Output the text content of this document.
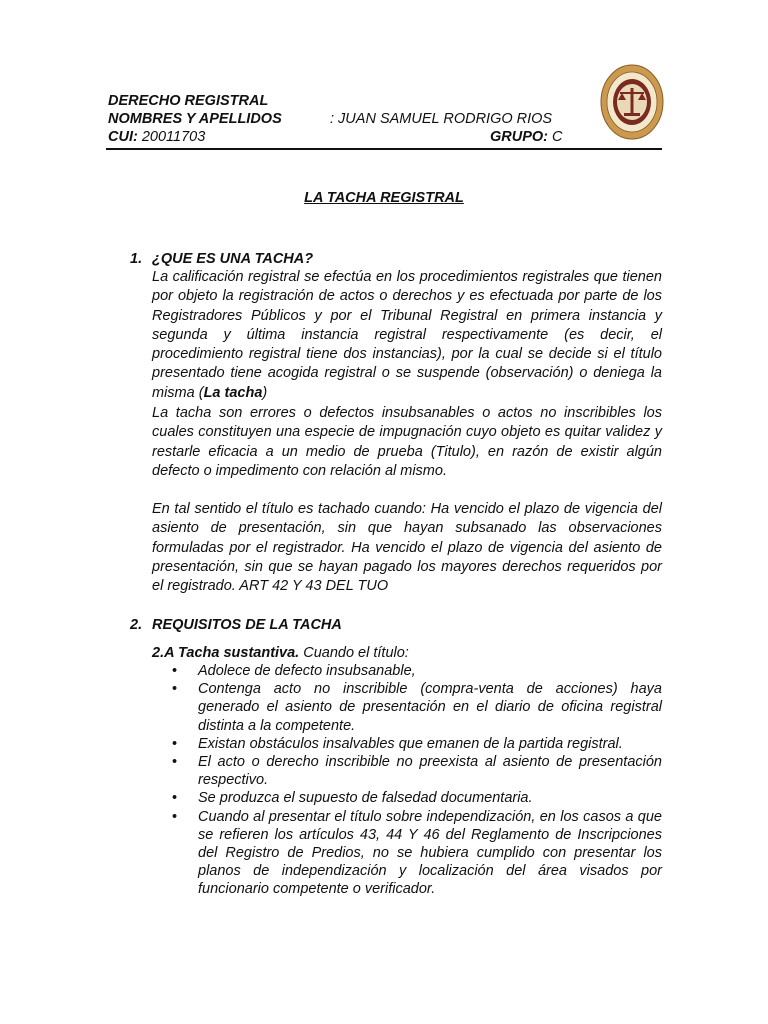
DERECHO REGISTRAL
NOMBRES Y APELLIDOS	: JUAN SAMUEL RODRIGO RIOS
CUI: 20011703	GRUPO: C
LA TACHA REGISTRAL
1. ¿QUE ES UNA TACHA?
La calificación registral se efectúa en los procedimientos registrales que tienen por objeto la registración de actos o derechos y es efectuada por parte de los Registradores Públicos y por el Tribunal Registral en primera instancia y segunda y última instancia registral respectivamente (es decir, el procedimiento registral tiene dos instancias), por la cual se decide si el título presentado tiene acogida registral o se suspende (observación) o deniega la misma (La tacha)
La tacha son errores o defectos insubsanables o actos no inscribibles los cuales constituyen una especie de impugnación cuyo objeto es quitar validez y restarle eficacia a un medio de prueba (Titulo), en razón de existir algún defecto o impedimento con relación al mismo.
En tal sentido el título es tachado cuando: Ha vencido el plazo de vigencia del asiento de presentación, sin que hayan subsanado las observaciones formuladas por el registrador. Ha vencido el plazo de vigencia del asiento de presentación, sin que se hayan pagado los mayores derechos requeridos por el registrado. ART 42 Y 43 DEL TUO
2. REQUISITOS DE LA TACHA
2.A Tacha sustantiva. Cuando el título:
• Adolece de defecto insubsanable,
• Contenga acto no inscribible (compra-venta de acciones) haya generado el asiento de presentación en el diario de oficina registral distinta a la competente.
• Existan obstáculos insalvables que emanen de la partida registral.
• El acto o derecho inscribible no preexista al asiento de presentación respectivo.
• Se produzca el supuesto de falsedad documentaria.
• Cuando al presentar el título sobre independización, en los casos a que se refieren los artículos 43, 44 Y 46 del Reglamento de Inscripciones del Registro de Predios, no se hubiera cumplido con presentar los planos de independización y localización del área visados por funcionario competente o verificador.
